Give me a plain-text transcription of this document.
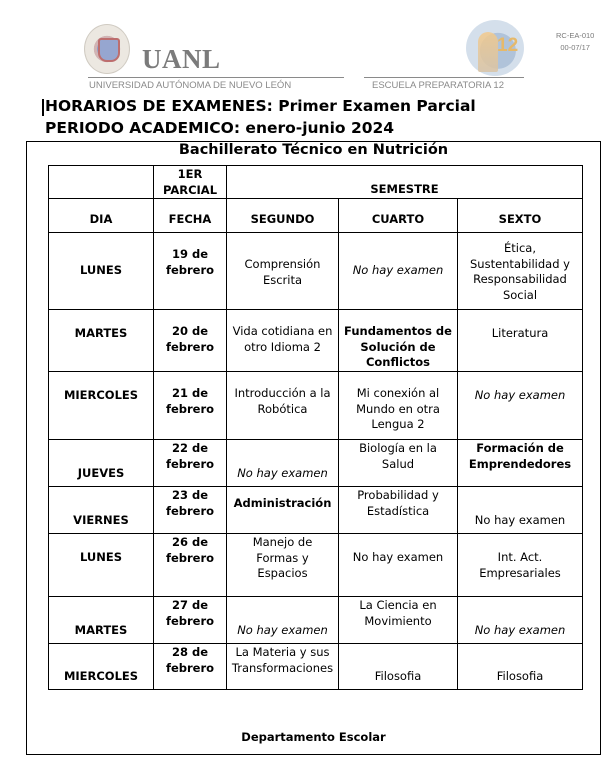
UANL
UNIVERSIDAD AUTÓNOMA DE NUEVO LEÓN	ESCUELA PREPARATORIA 12
12	RC-EA-010
00-07/17
HORARIOS DE EXAMENES: Primer Examen Parcial
PERIODO ACADEMICO: enero-junio 2024
Bachillerato Técnico en Nutrición
	1ER PARCIAL	SEMESTRE		
DIA	FECHA	SEGUNDO	CUARTO	SEXTO
LUNES	19 de febrero	Comprensión Escrita	No hay examen	Ética, Sustentabilidad y Responsabilidad Social
MARTES	20 de febrero	Vida cotidiana en otro Idioma 2	Fundamentos de Solución de Conflictos	Literatura
MIERCOLES	21 de febrero	Introducción a la Robótica	Mi conexión al Mundo en otra Lengua 2	No hay examen
JUEVES	22 de febrero	No hay examen	Biología en la Salud	Formación de Emprendedores
VIERNES	23 de febrero	Administración	Probabilidad y Estadística	No hay examen
LUNES	26 de febrero	Manejo de Formas y Espacios	No hay examen	Int. Act. Empresariales
MARTES	27 de febrero	No hay examen	La Ciencia en Movimiento	No hay examen
MIERCOLES	28 de febrero	La Materia y sus Transformaciones	Filosofia	Filosofia
Departamento Escolar
